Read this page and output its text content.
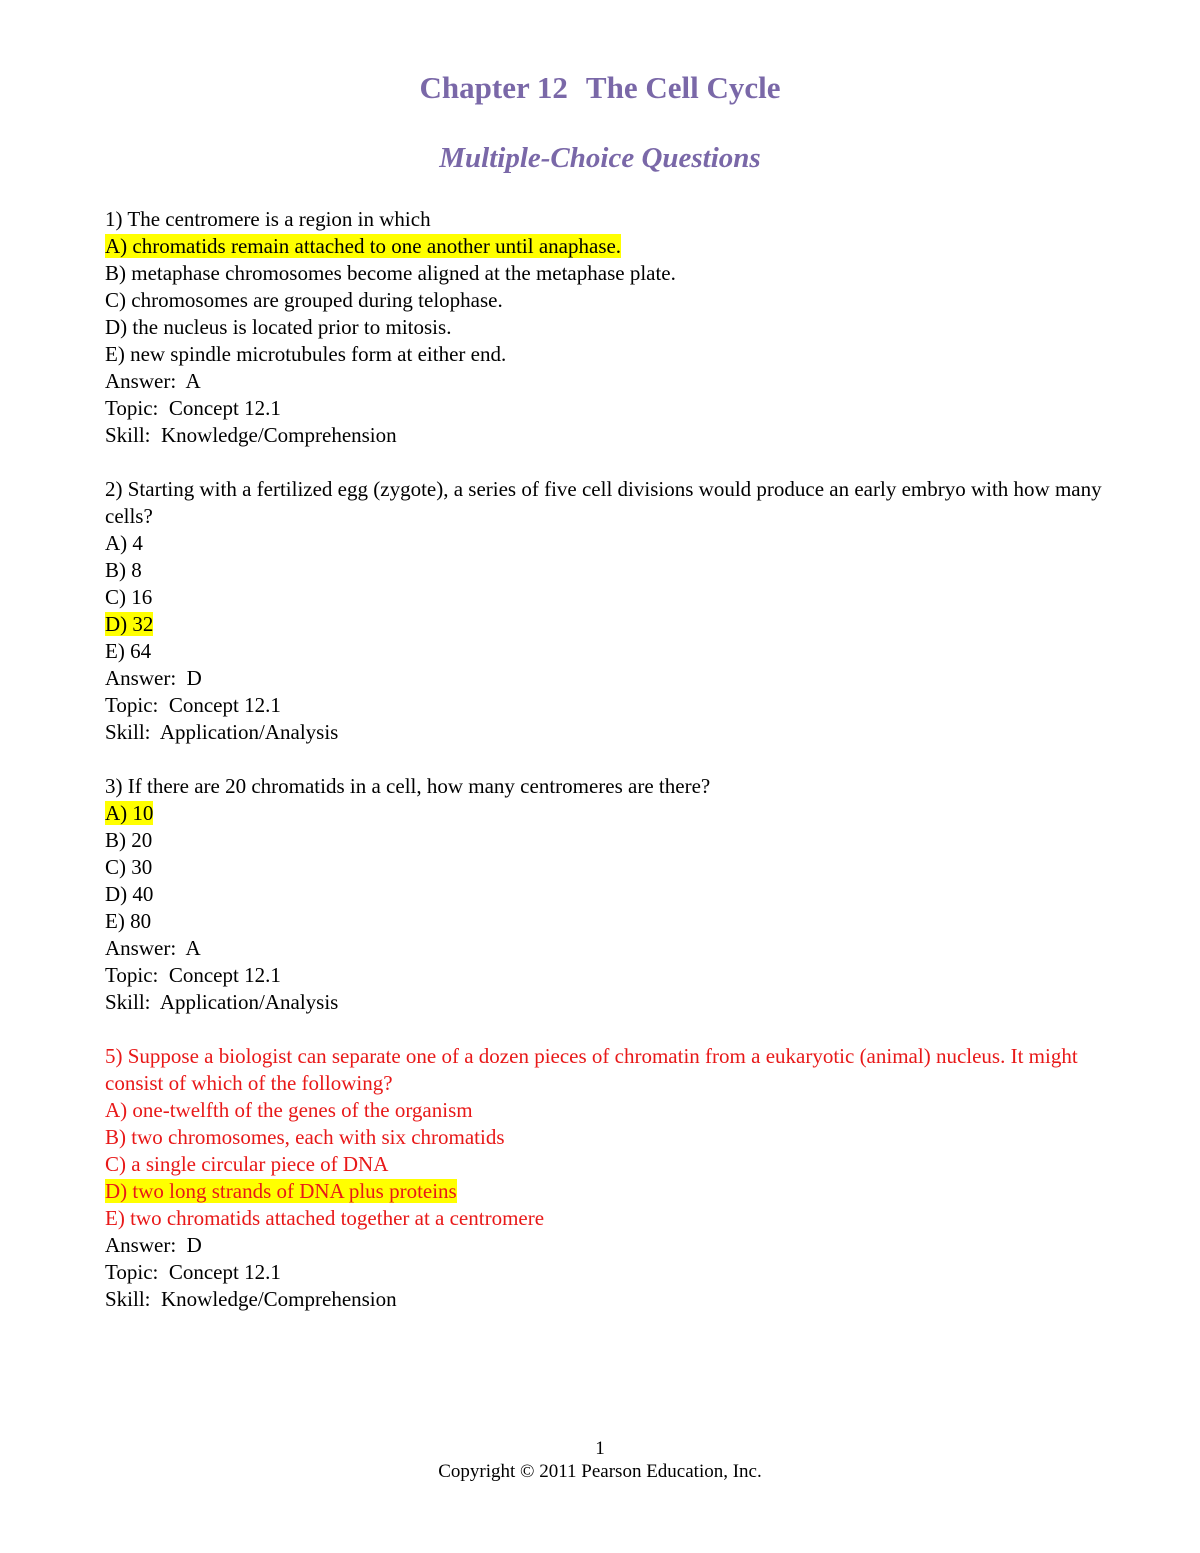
Chapter 12 The Cell Cycle
Multiple-Choice Questions
1) The centromere is a region in which
A) chromatids remain attached to one another until anaphase.
B) metaphase chromosomes become aligned at the metaphase plate.
C) chromosomes are grouped during telophase.
D) the nucleus is located prior to mitosis.
E) new spindle microtubules form at either end.
Answer:  A
Topic:  Concept 12.1
Skill:  Knowledge/Comprehension
2) Starting with a fertilized egg (zygote), a series of five cell divisions would produce an early embryo with how many cells?
A) 4
B) 8
C) 16
D) 32
E) 64
Answer:  D
Topic:  Concept 12.1
Skill:  Application/Analysis
3) If there are 20 chromatids in a cell, how many centromeres are there?
A) 10
B) 20
C) 30
D) 40
E) 80
Answer:  A
Topic:  Concept 12.1
Skill:  Application/Analysis
5) Suppose a biologist can separate one of a dozen pieces of chromatin from a eukaryotic (animal) nucleus. It might consist of which of the following?
A) one-twelfth of the genes of the organism
B) two chromosomes, each with six chromatids
C) a single circular piece of DNA
D) two long strands of DNA plus proteins
E) two chromatids attached together at a centromere
Answer:  D
Topic:  Concept 12.1
Skill:  Knowledge/Comprehension
1
Copyright © 2011 Pearson Education, Inc.
